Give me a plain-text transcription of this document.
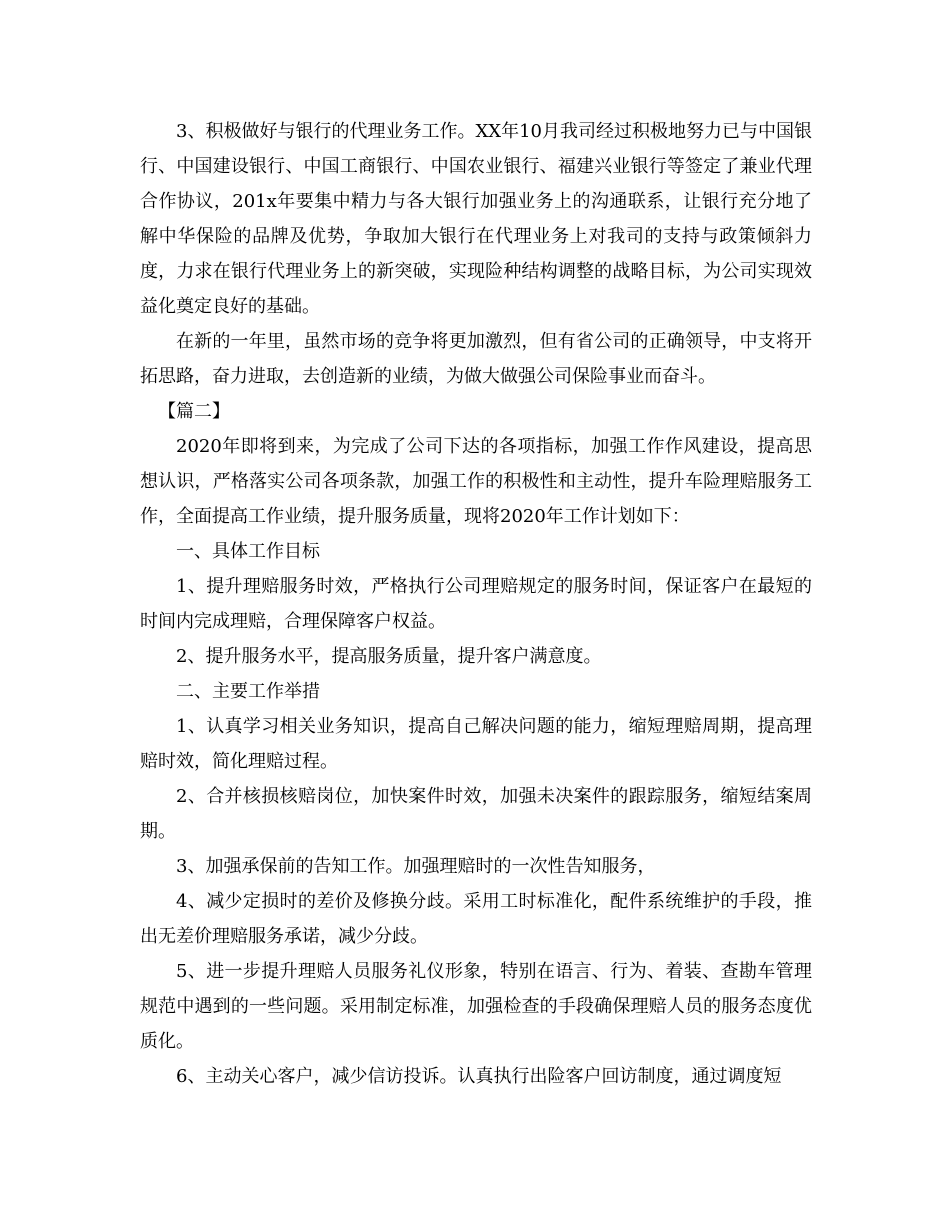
3、积极做好与银行的代理业务工作。XX年10月我司经过积极地努力已与中国银行、中国建设银行、中国工商银行、中国农业银行、福建兴业银行等签定了兼业代理合作协议，201x年要集中精力与各大银行加强业务上的沟通联系，让银行充分地了解中华保险的品牌及优势，争取加大银行在代理业务上对我司的支持与政策倾斜力度，力求在银行代理业务上的新突破，实现险种结构调整的战略目标，为公司实现效益化奠定良好的基础。

在新的一年里，虽然市场的竞争将更加激烈，但有省公司的正确领导，中支将开拓思路，奋力进取，去创造新的业绩，为做大做强公司保险事业而奋斗。

【篇二】

2020年即将到来，为完成了公司下达的各项指标，加强工作作风建设，提高思想认识，严格落实公司各项条款，加强工作的积极性和主动性，提升车险理赔服务工作，全面提高工作业绩，提升服务质量，现将2020年工作计划如下：

一、具体工作目标

1、提升理赔服务时效，严格执行公司理赔规定的服务时间，保证客户在最短的时间内完成理赔，合理保障客户权益。

2、提升服务水平，提高服务质量，提升客户满意度。

二、主要工作举措

1、认真学习相关业务知识，提高自己解决问题的能力，缩短理赔周期，提高理赔时效，简化理赔过程。

2、合并核损核赔岗位，加快案件时效，加强未决案件的跟踪服务，缩短结案周期。

3、加强承保前的告知工作。加强理赔时的一次性告知服务，

4、减少定损时的差价及修换分歧。采用工时标准化，配件系统维护的手段，推出无差价理赔服务承诺，减少分歧。

5、进一步提升理赔人员服务礼仪形象，特别在语言、行为、着装、查勘车管理规范中遇到的一些问题。采用制定标准，加强检查的手段确保理赔人员的服务态度优质化。

6、主动关心客户，减少信访投诉。认真执行出险客户回访制度，通过调度短
